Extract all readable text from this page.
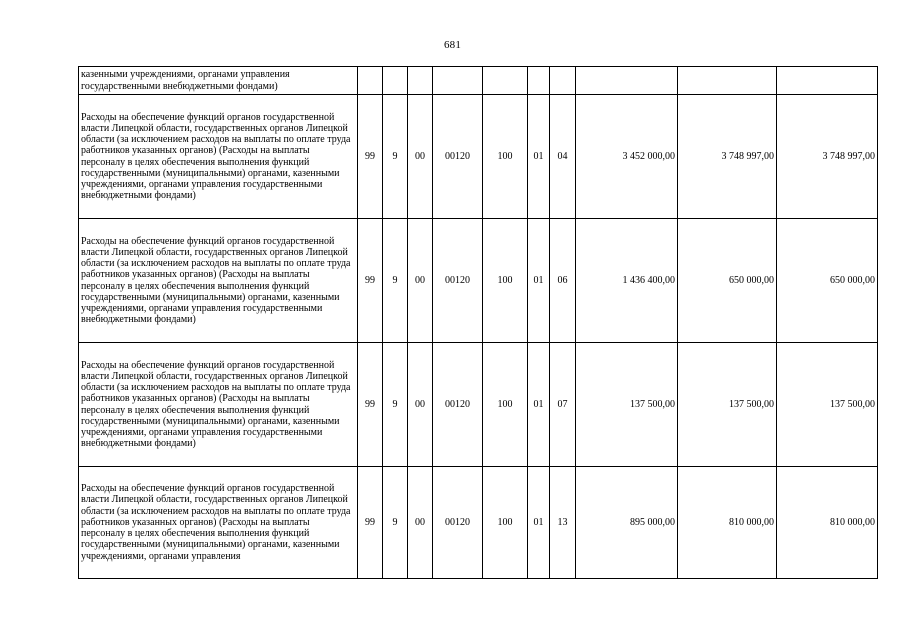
681
казенными учреждениями, органами управления государственными внебюджетными фондами)										
Расходы на обеспечение функций органов государственной власти Липецкой области, государственных органов Липецкой области (за исключением расходов на выплаты по оплате труда работников указанных органов) (Расходы на выплаты персоналу в целях обеспечения выполнения функций государственными (муниципальными) органами, казенными учреждениями, органами управления государственными внебюджетными фондами)	99	9	00	00120	100	01	04	3 452 000,00	3 748 997,00	3 748 997,00
Расходы на обеспечение функций органов государственной власти Липецкой области, государственных органов Липецкой области (за исключением расходов на выплаты по оплате труда работников указанных органов) (Расходы на выплаты персоналу в целях обеспечения выполнения функций государственными (муниципальными) органами, казенными учреждениями, органами управления государственными внебюджетными фондами)	99	9	00	00120	100	01	06	1 436 400,00	650 000,00	650 000,00
Расходы на обеспечение функций органов государственной власти Липецкой области, государственных органов Липецкой области (за исключением расходов на выплаты по оплате труда работников указанных органов) (Расходы на выплаты персоналу в целях обеспечения выполнения функций государственными (муниципальными) органами, казенными учреждениями, органами управления государственными внебюджетными фондами)	99	9	00	00120	100	01	07	137 500,00	137 500,00	137 500,00
Расходы на обеспечение функций органов государственной власти Липецкой области, государственных органов Липецкой области (за исключением расходов на выплаты по оплате труда работников указанных органов) (Расходы на выплаты персоналу в целях обеспечения выполнения функций государственными (муниципальными) органами, казенными учреждениями, органами управления	99	9	00	00120	100	01	13	895 000,00	810 000,00	810 000,00
